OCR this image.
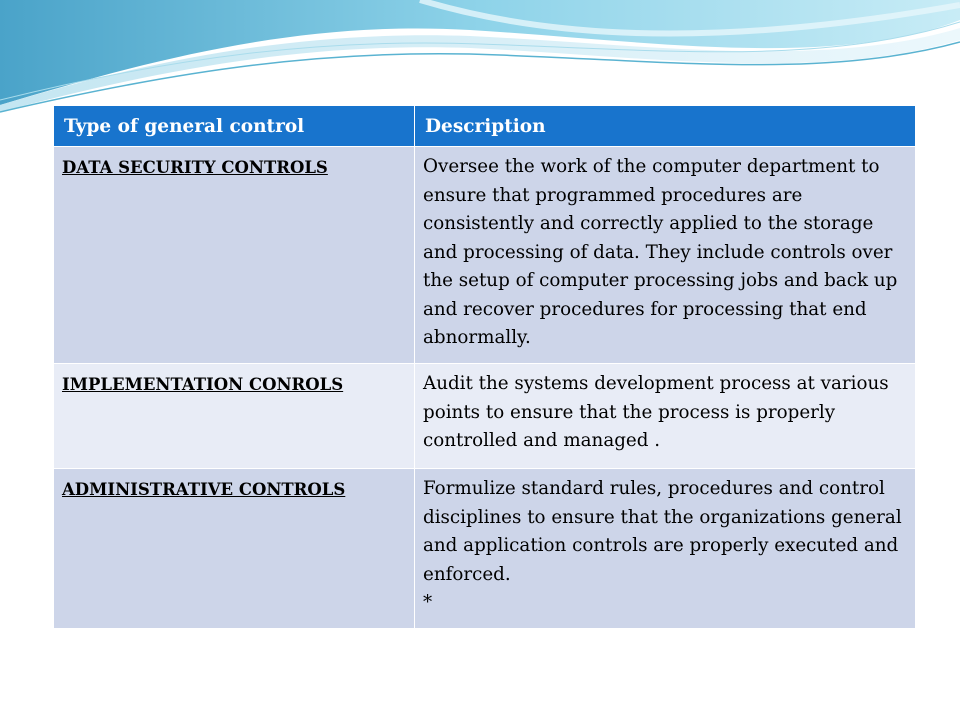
Type of general control	Description
DATA SECURITY CONTROLS	Oversee the work of the computer department to ensure that programmed procedures are consistently and correctly applied to the storage and processing of data. They include controls over the setup of computer processing jobs and back up and recover procedures for processing that end abnormally.
IMPLEMENTATION CONROLS	Audit the systems development process at various points to ensure that the process is properly controlled and managed .
ADMINISTRATIVE CONTROLS	Formulize standard rules, procedures and control disciplines to ensure that the organizations general and application controls are properly executed and enforced.
*
